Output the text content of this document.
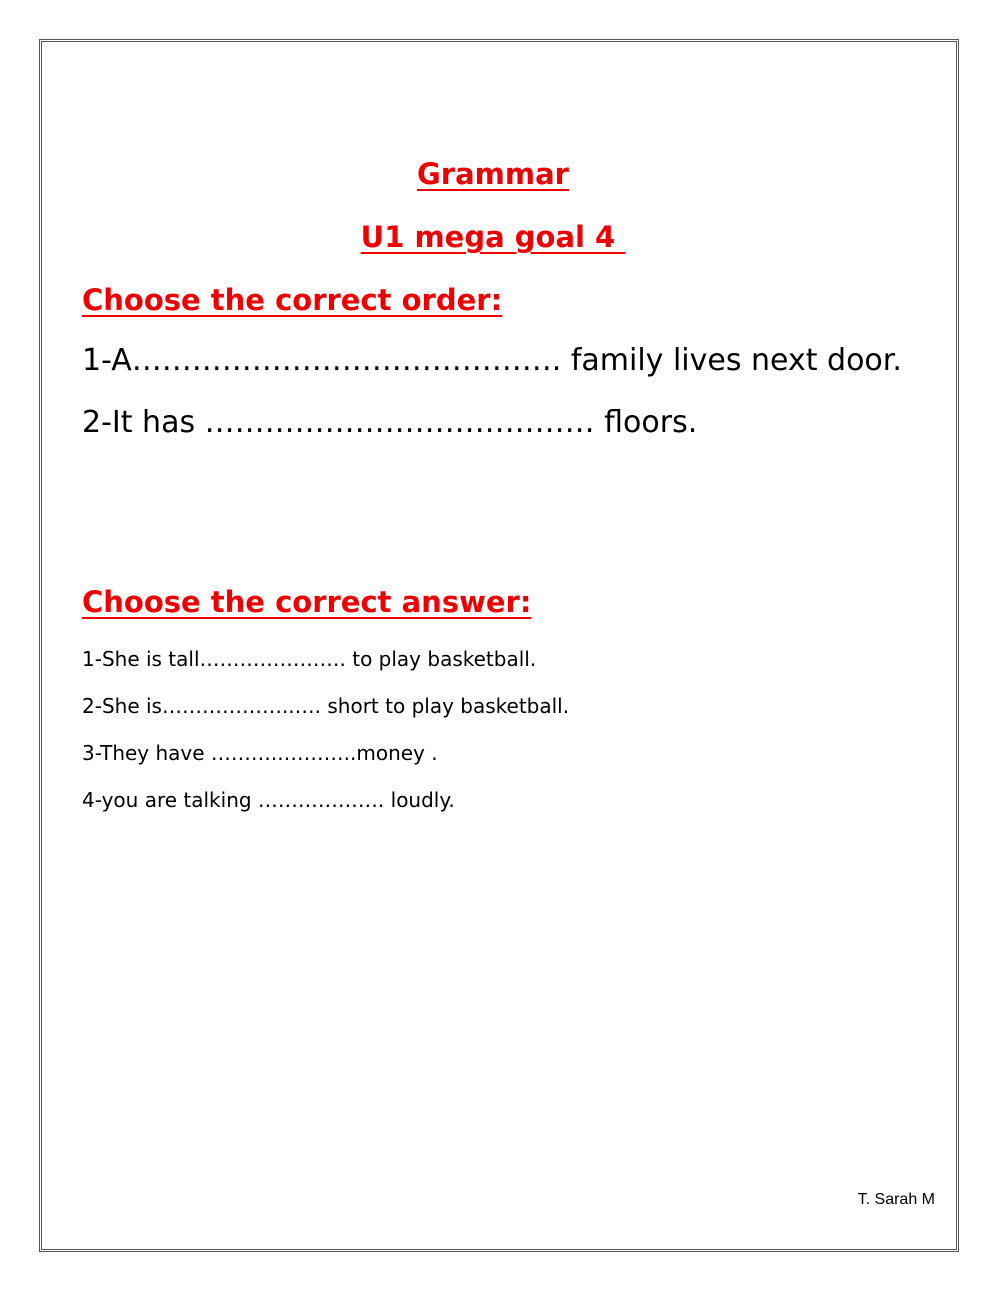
Grammar
U1 mega goal 4
Choose the correct order:
1-A……………………………………. family lives next door.
2-It has ………………………………… floors.
Choose the correct answer:
1-She is tall…………………. to play basketball.
2-She is………………..…. short to play basketball.
3-They have ………..………..money .
4-you are talking ………………. loudly.
T. Sarah M
